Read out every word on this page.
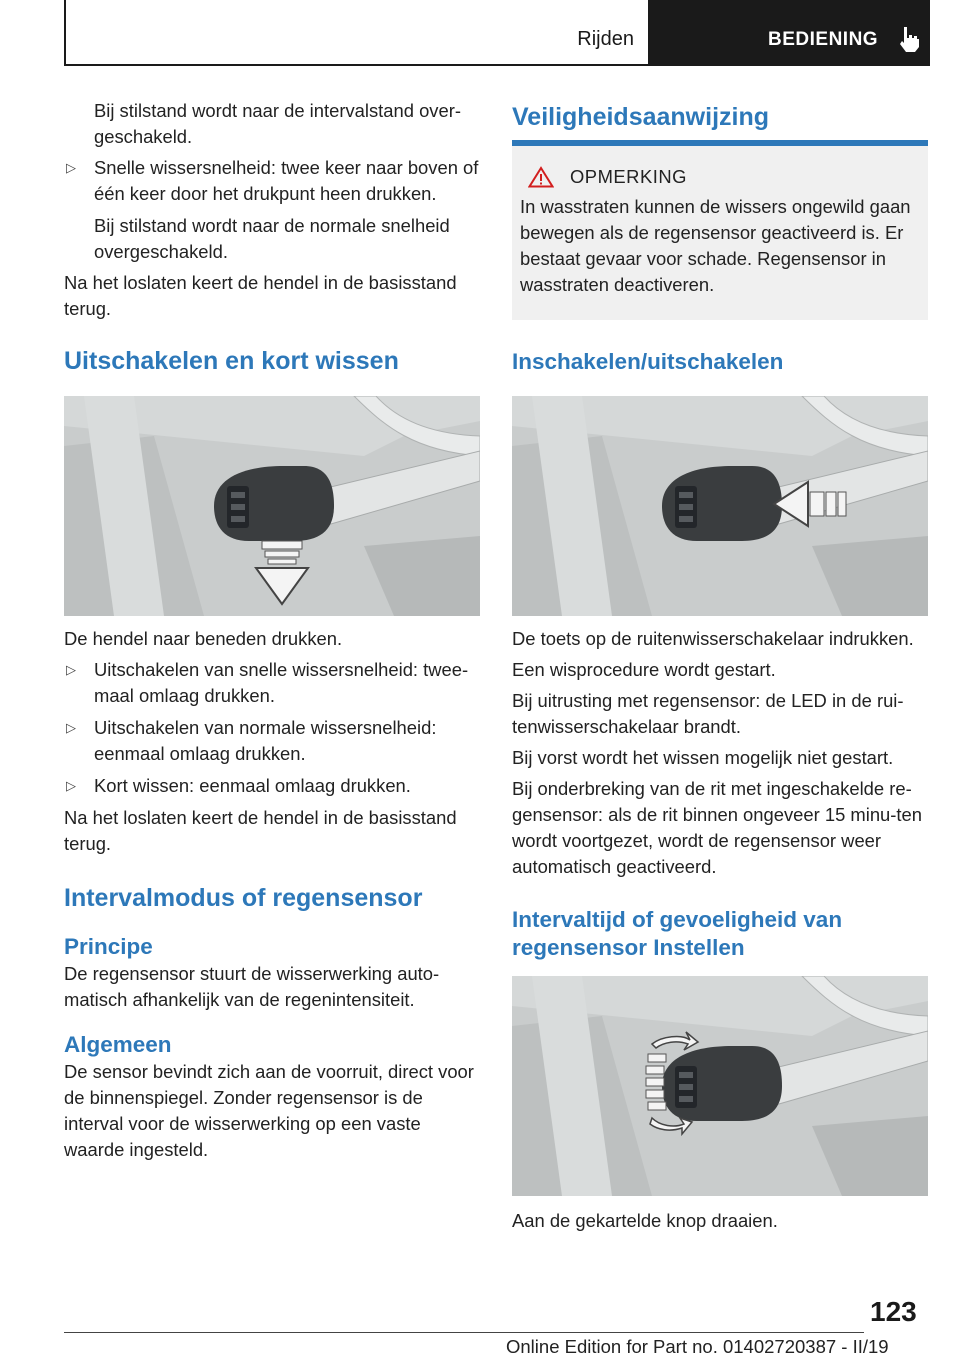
Rijden	BEDIENING

Bij stilstand wordt naar de intervalstand over-geschakeld.

▷ Snelle wissersnelheid: twee keer naar boven of één keer door het drukpunt heen drukken.

Bij stilstand wordt naar de normale snelheid overgeschakeld.

Na het loslaten keert de hendel in de basisstand terug.

Uitschakelen en kort wissen

De hendel naar beneden drukken.

▷ Uitschakelen van snelle wissersnelheid: twee-maal omlaag drukken.
▷ Uitschakelen van normale wissersnelheid: eenmaal omlaag drukken.
▷ Kort wissen: eenmaal omlaag drukken.

Na het loslaten keert de hendel in de basisstand terug.

Intervalmodus of regensensor
Principe

De regensensor stuurt de wisserwerking auto-matisch afhankelijk van de regenintensiteit.

Algemeen

De sensor bevindt zich aan de voorruit, direct voor de binnenspiegel. Zonder regensensor is de interval voor de wisserwerking op een vaste waarde ingesteld.

Veiligheidsaanwijzing
OPMERKING

In wasstraten kunnen de wissers ongewild gaan bewegen als de regensensor geactiveerd is. Er bestaat gevaar voor schade. Regensensor in wasstraten deactiveren.

Inschakelen/uitschakelen

De toets op de ruitenwisserschakelaar indrukken.

Een wisprocedure wordt gestart.

Bij uitrusting met regensensor: de LED in de rui-tenwisserschakelaar brandt.

Bij vorst wordt het wissen mogelijk niet gestart.

Bij onderbreking van de rit met ingeschakelde re-gensensor: als de rit binnen ongeveer 15 minu-ten wordt voortgezet, wordt de regensensor weer automatisch geactiveerd.

Intervaltijd of gevoeligheid van regensensor Instellen

Aan de gekartelde knop draaien.

123
Online Edition for Part no. 01402720387 - II/19
